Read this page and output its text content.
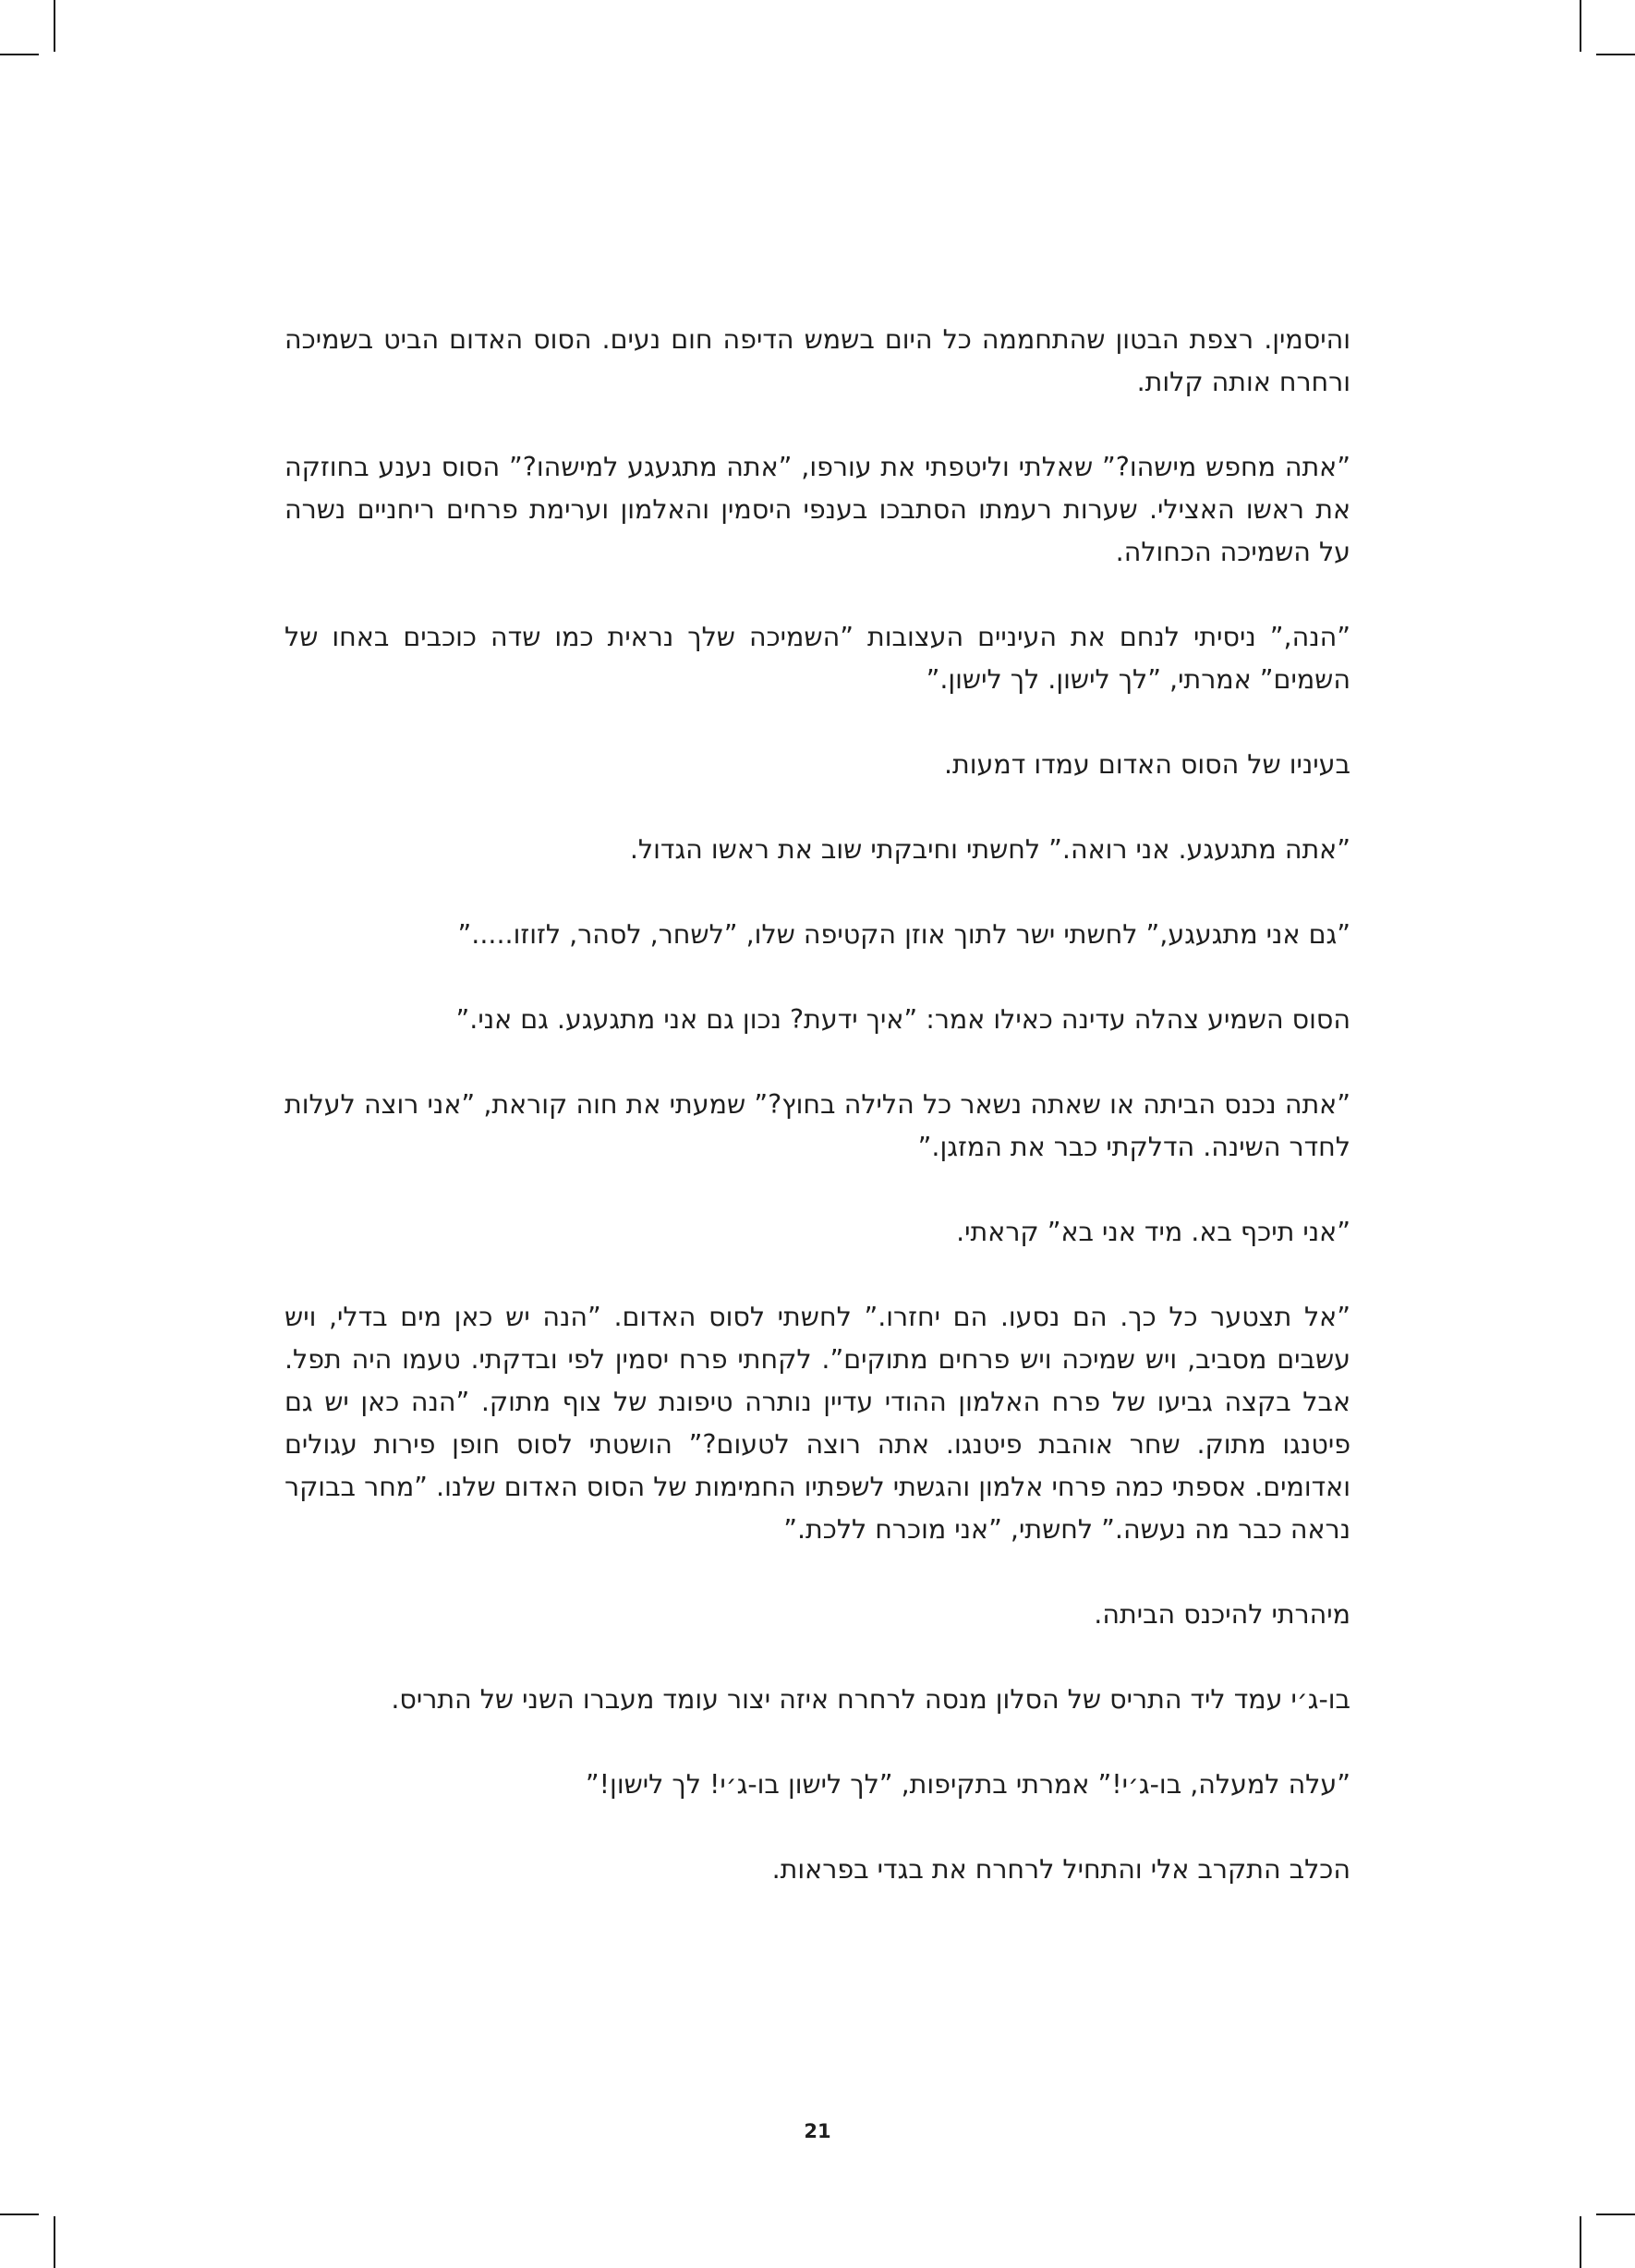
והיסמין. רצפת הבטון שהתחממה כל היום בשמש הדיפה חום נעים. הסוס האדום הביט בשמיכה ורחרח אותה קלות.

”אתה מחפש מישהו?” שאלתי וליטפתי את עורפו, ”אתה מתגעגע למישהו?” הסוס נענע בחוזקה את ראשו האצילי. שערות רעמתו הסתבכו בענפי היסמין והאלמון וערימת פרחים ריחניים נשרה על השמיכה הכחולה.

”הנה,” ניסיתי לנחם את העיניים העצובות ”השמיכה שלך נראית כמו שדה כוכבים באחו של השמים” אמרתי, ”לך לישון. לך לישון.”

בעיניו של הסוס האדום עמדו דמעות.

”אתה מתגעגע. אני רואה.” לחשתי וחיבקתי שוב את ראשו הגדול.

”גם אני מתגעגע,” לחשתי ישר לתוך אוזן הקטיפה שלו, ”לשחר, לסהר, לזוזו.....”

הסוס השמיע צהלה עדינה כאילו אמר: ”איך ידעת? נכון גם אני מתגעגע. גם אני.”

”אתה נכנס הביתה או שאתה נשאר כל הלילה בחוץ?” שמעתי את חוה קוראת, ”אני רוצה לעלות לחדר השינה. הדלקתי כבר את המזגן.”

”אני תיכף בא. מיד אני בא” קראתי.

”אל תצטער כל כך. הם נסעו. הם יחזרו.” לחשתי לסוס האדום. ”הנה יש כאן מים בדלי, ויש עשבים מסביב, ויש שמיכה ויש פרחים מתוקים”. לקחתי פרח יסמין לפי ובדקתי. טעמו היה תפל. אבל בקצה גביעו של פרח האלמון ההודי עדיין נותרה טיפונת של צוף מתוק. ”הנה כאן יש גם פיטנגו מתוק. שחר אוהבת פיטנגו. אתה רוצה לטעום?” הושטתי לסוס חופן פירות עגולים ואדומים. אספתי כמה פרחי אלמון והגשתי לשפתיו החמימות של הסוס האדום שלנו. ”מחר בבוקר נראה כבר מה נעשה.” לחשתי, ”אני מוכרח ללכת.”

מיהרתי להיכנס הביתה.

בו-ג׳י עמד ליד התריס של הסלון מנסה לרחרח איזה יצור עומד מעברו השני של התריס.

”עלה למעלה, בו-ג׳י!” אמרתי בתקיפות, ”לך לישון בו-ג׳י! לך לישון!”

הכלב התקרב אלי והתחיל לרחרח את בגדי בפראות.

21
